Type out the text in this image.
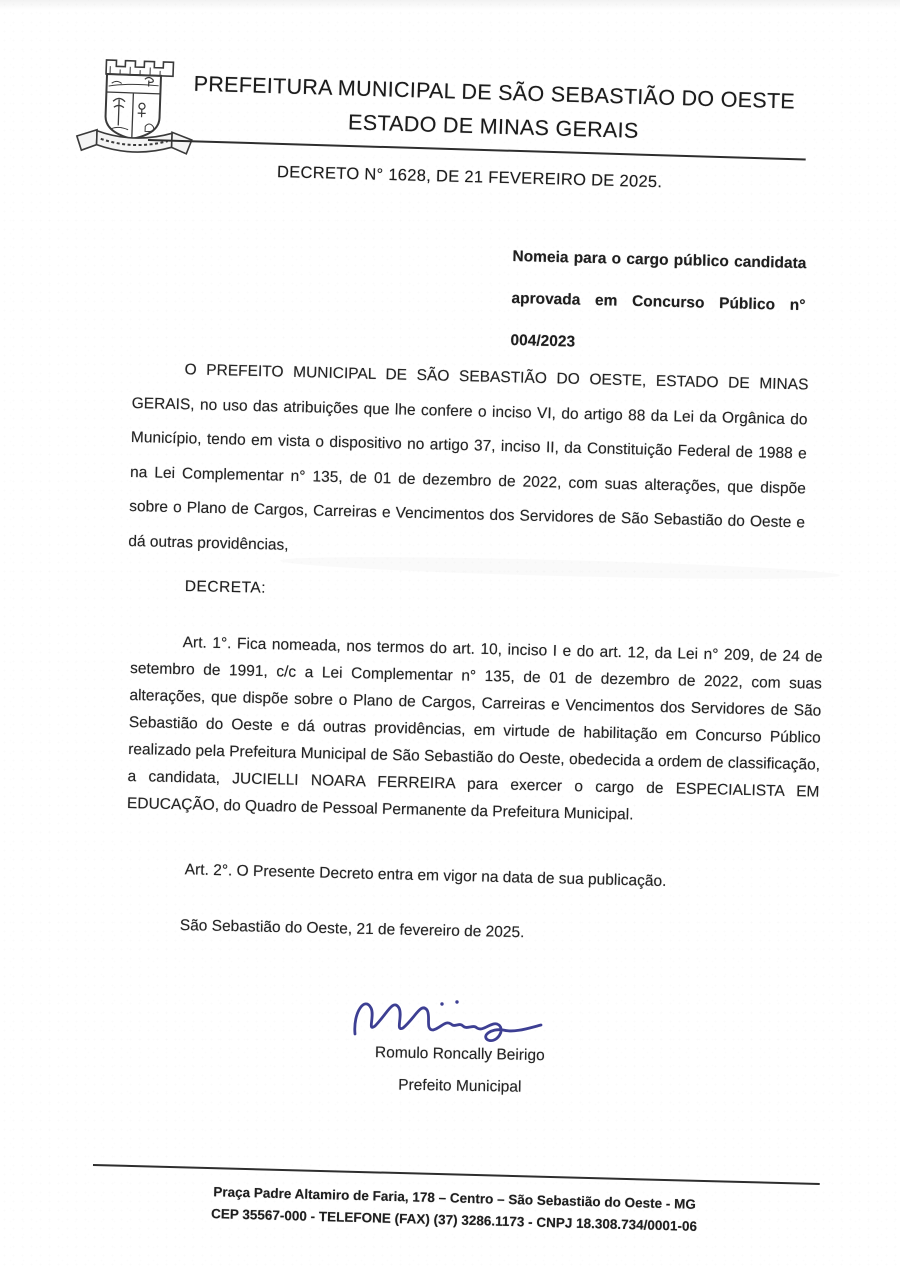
PREFEITURA MUNICIPAL DE SÃO SEBASTIÃO DO OESTE
ESTADO DE MINAS GERAIS
DECRETO N° 1628, DE 21 FEVEREIRO DE 2025.
Nomeia para o cargo público candidata aprovada em Concurso Público n° 004/2023

O PREFEITO MUNICIPAL DE SÃO SEBASTIÃO DO OESTE, ESTADO DE MINAS GERAIS, no uso das atribuições que lhe confere o inciso VI, do artigo 88 da Lei da Orgânica do Município, tendo em vista o dispositivo no artigo 37, inciso II, da Constituição Federal de 1988 e na Lei Complementar n° 135, de 01 de dezembro de 2022, com suas alterações, que dispõe sobre o Plano de Cargos, Carreiras e Vencimentos dos Servidores de São Sebastião do Oeste e dá outras providências,

DECRETA:

Art. 1°. Fica nomeada, nos termos do art. 10, inciso I e do art. 12, da Lei n° 209, de 24 de setembro de 1991, c/c a Lei Complementar n° 135, de 01 de dezembro de 2022, com suas alterações, que dispõe sobre o Plano de Cargos, Carreiras e Vencimentos dos Servidores de São Sebastião do Oeste e dá outras providências, em virtude de habilitação em Concurso Público realizado pela Prefeitura Municipal de São Sebastião do Oeste, obedecida a ordem de classificação, a candidata, JUCIELLI NOARA FERREIRA para exercer o cargo de ESPECIALISTA EM EDUCAÇÃO, do Quadro de Pessoal Permanente da Prefeitura Municipal.

Art. 2°. O Presente Decreto entra em vigor na data de sua publicação.

São Sebastião do Oeste, 21 de fevereiro de 2025.

Romulo Roncally Beirigo
Prefeito Municipal
Praça Padre Altamiro de Faria, 178 – Centro – São Sebastião do Oeste - MG
CEP 35567-000 - TELEFONE (FAX) (37) 3286.1173 - CNPJ 18.308.734/0001-06
